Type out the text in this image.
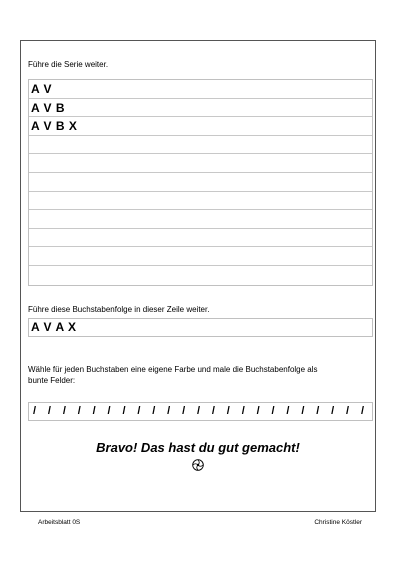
Führe die Serie weiter.
A V
A V B
A V B X
Führe diese Buchstabenfolge in dieser Zeile weiter.
A V A X
Wähle für jeden Buchstaben eine eigene Farbe und male die Buchstabenfolge als
bunte Felder:
/ / / / / / / / / / / / / / / / / / / / / / /
Bravo! Das hast du gut gemacht!
Arbeitsblatt 0S	Christine Köstler
